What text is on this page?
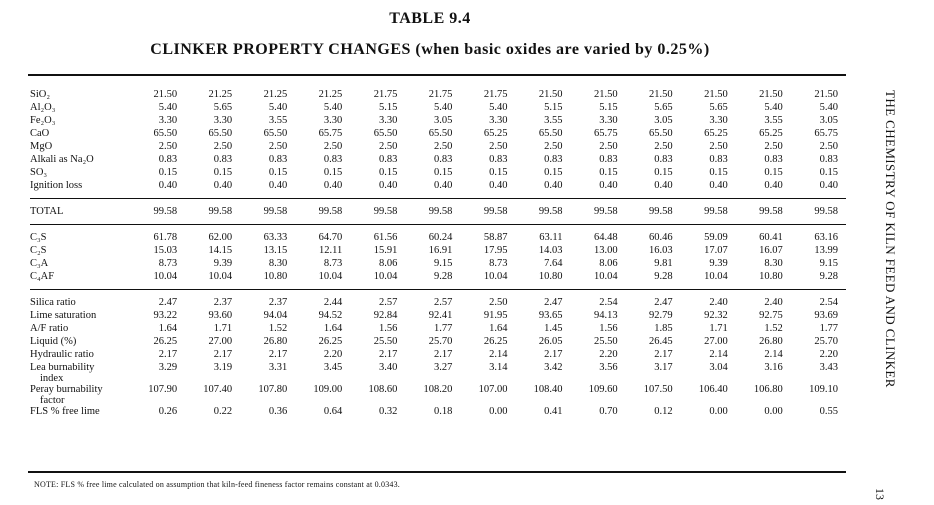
TABLE 9.4
CLINKER PROPERTY CHANGES (when basic oxides are varied by 0.25%)
SiO₂	21.50	21.25	21.25	21.25	21.75	21.75	21.75	21.50	21.50	21.50	21.50	21.50	21.50
Al₂O₃	5.40	5.65	5.40	5.40	5.15	5.40	5.40	5.15	5.15	5.65	5.65	5.40	5.40
Fe₂O₃	3.30	3.30	3.55	3.30	3.30	3.05	3.30	3.55	3.30	3.05	3.30	3.55	3.05
CaO	65.50	65.50	65.50	65.75	65.50	65.50	65.25	65.50	65.75	65.50	65.25	65.25	65.75
MgO	2.50	2.50	2.50	2.50	2.50	2.50	2.50	2.50	2.50	2.50	2.50	2.50	2.50
Alkali as Na₂O	0.83	0.83	0.83	0.83	0.83	0.83	0.83	0.83	0.83	0.83	0.83	0.83	0.83
SO₃	0.15	0.15	0.15	0.15	0.15	0.15	0.15	0.15	0.15	0.15	0.15	0.15	0.15
Ignition loss	0.40	0.40	0.40	0.40	0.40	0.40	0.40	0.40	0.40	0.40	0.40	0.40	0.40

TOTAL	99.58	99.58	99.58	99.58	99.58	99.58	99.58	99.58	99.58	99.58	99.58	99.58	99.58

C₃S	61.78	62.00	63.33	64.70	61.56	60.24	58.87	63.11	64.48	60.46	59.09	60.41	63.16
C₂S	15.03	14.15	13.15	12.11	15.91	16.91	17.95	14.03	13.00	16.03	17.07	16.07	13.99
C₃A	8.73	9.39	8.30	8.73	8.06	9.15	8.73	7.64	8.06	9.81	9.39	8.30	9.15
C₄AF	10.04	10.04	10.80	10.04	10.04	9.28	10.04	10.80	10.04	9.28	10.04	10.80	9.28

Silica ratio	2.47	2.37	2.37	2.44	2.57	2.57	2.50	2.47	2.54	2.47	2.40	2.40	2.54
Lime saturation	93.22	93.60	94.04	94.52	92.84	92.41	91.95	93.65	94.13	92.79	92.32	92.75	93.69
A/F ratio	1.64	1.71	1.52	1.64	1.56	1.77	1.64	1.45	1.56	1.85	1.71	1.52	1.77
Liquid (%)	26.25	27.00	26.80	26.25	25.50	25.70	26.25	26.05	25.50	26.45	27.00	26.80	25.70
Hydraulic ratio	2.17	2.17	2.17	2.20	2.17	2.17	2.14	2.17	2.20	2.17	2.14	2.14	2.20
Lea burnability	3.29	3.19	3.31	3.45	3.40	3.27	3.14	3.42	3.56	3.17	3.04	3.16	3.43
index													
Peray burnability	107.90	107.40	107.80	109.00	108.60	108.20	107.00	108.40	109.60	107.50	106.40	106.80	109.10
factor													
FLS % free lime	0.26	0.22	0.36	0.64	0.32	0.18	0.00	0.41	0.70	0.12	0.00	0.00	0.55
NOTE: FLS % free lime calculated on assumption that kiln-feed fineness factor remains constant at 0.0343.
THE CHEMISTRY OF KILN FEED AND CLINKER
13
